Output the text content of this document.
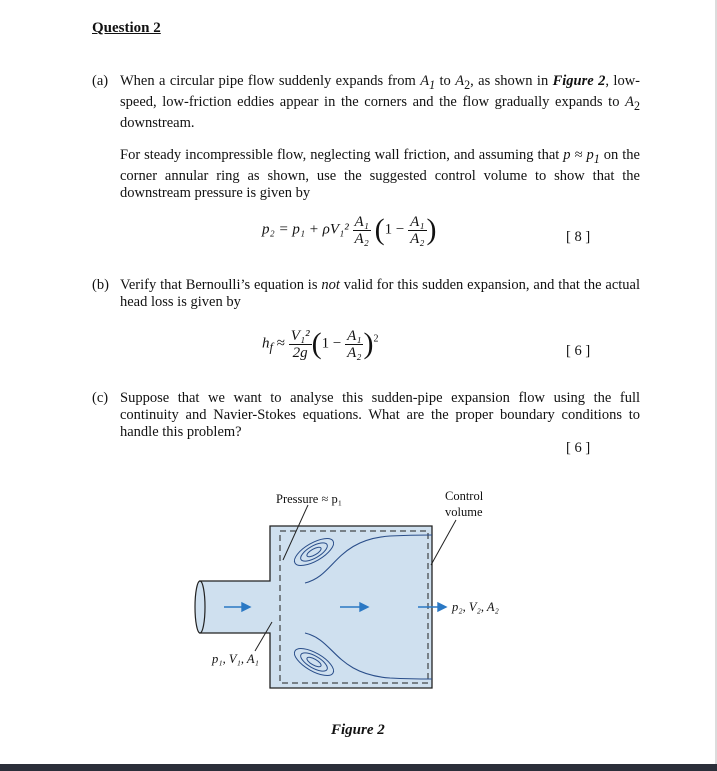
Question 2
(a) When a circular pipe flow suddenly expands from $A_1$ to $A_2$, as shown in Figure 2, low-speed, low-friction eddies appear in the corners and the flow gradually expands to $A_2$ downstream.
For steady incompressible flow, neglecting wall friction, and assuming that $p \approx p_1$ on the corner annular ring as shown, use the suggested control volume to show that the downstream pressure is given by
$p_2 = p_1 + \rho V_1^2 \frac{\text{A₁}}{\text{A₂}} (1 - \frac{\text{A₁}}{\text{A₂}}$ )	[ 8 ]
(b) Verify that Bernoulli’s equation is not valid for this sudden expansion, and that the actual head loss is given by
$h_f \approx \frac{\text{V₁²}}{2g} (1 - \frac{\text{A₁}}{\text{A₂}} )^2$
[ 6 ]
(c) Suppose that we want to analyse this sudden-pipe expansion flow using the full continuity and Navier-Stokes equations. What are the proper boundary conditions to handle this problem?
[ 6 ]
Pressure ≈ p₁	Control
volume
p₂, V₂, A₂
p₁, V₁, A₁
Figure 2
